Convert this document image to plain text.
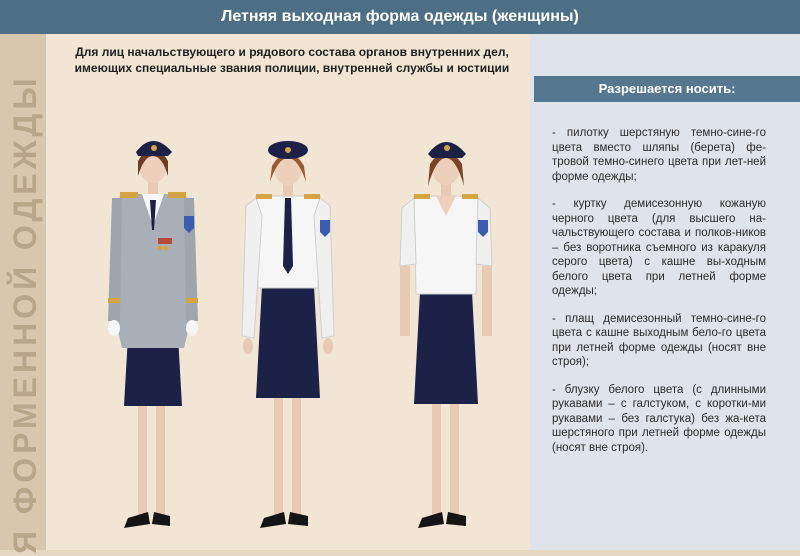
Я ФОРМЕННОЙ ОДЕЖДЫ
Летняя выходная форма одежды (женщины)
Для лиц начальствующего и рядового состава органов внутренних дел,
имеющих специальные звания полиции, внутренней службы и юстиции
Разрешается носить:

- пилотку шерстяную темно-сине-го цвета вместо шляпы (берета) фе-тровой темно-синего цвета при лет-ней форме одежды;

- куртку демисезонную кожаную черного цвета (для высшего на-чальствующего состава и полков-ников – без воротника съемного из каракуля серого цвета) с кашне вы-ходным белого цвета при летней форме одежды;

- плащ демисезонный темно-сине-го цвета с кашне выходным бело-го цвета при летней форме одежды (носят вне строя);

- блузку белого цвета (с длинными рукавами – с галстуком, с коротки-ми рукавами – без галстука) без жа-кета шерстяного при летней форме одежды (носят вне строя).
